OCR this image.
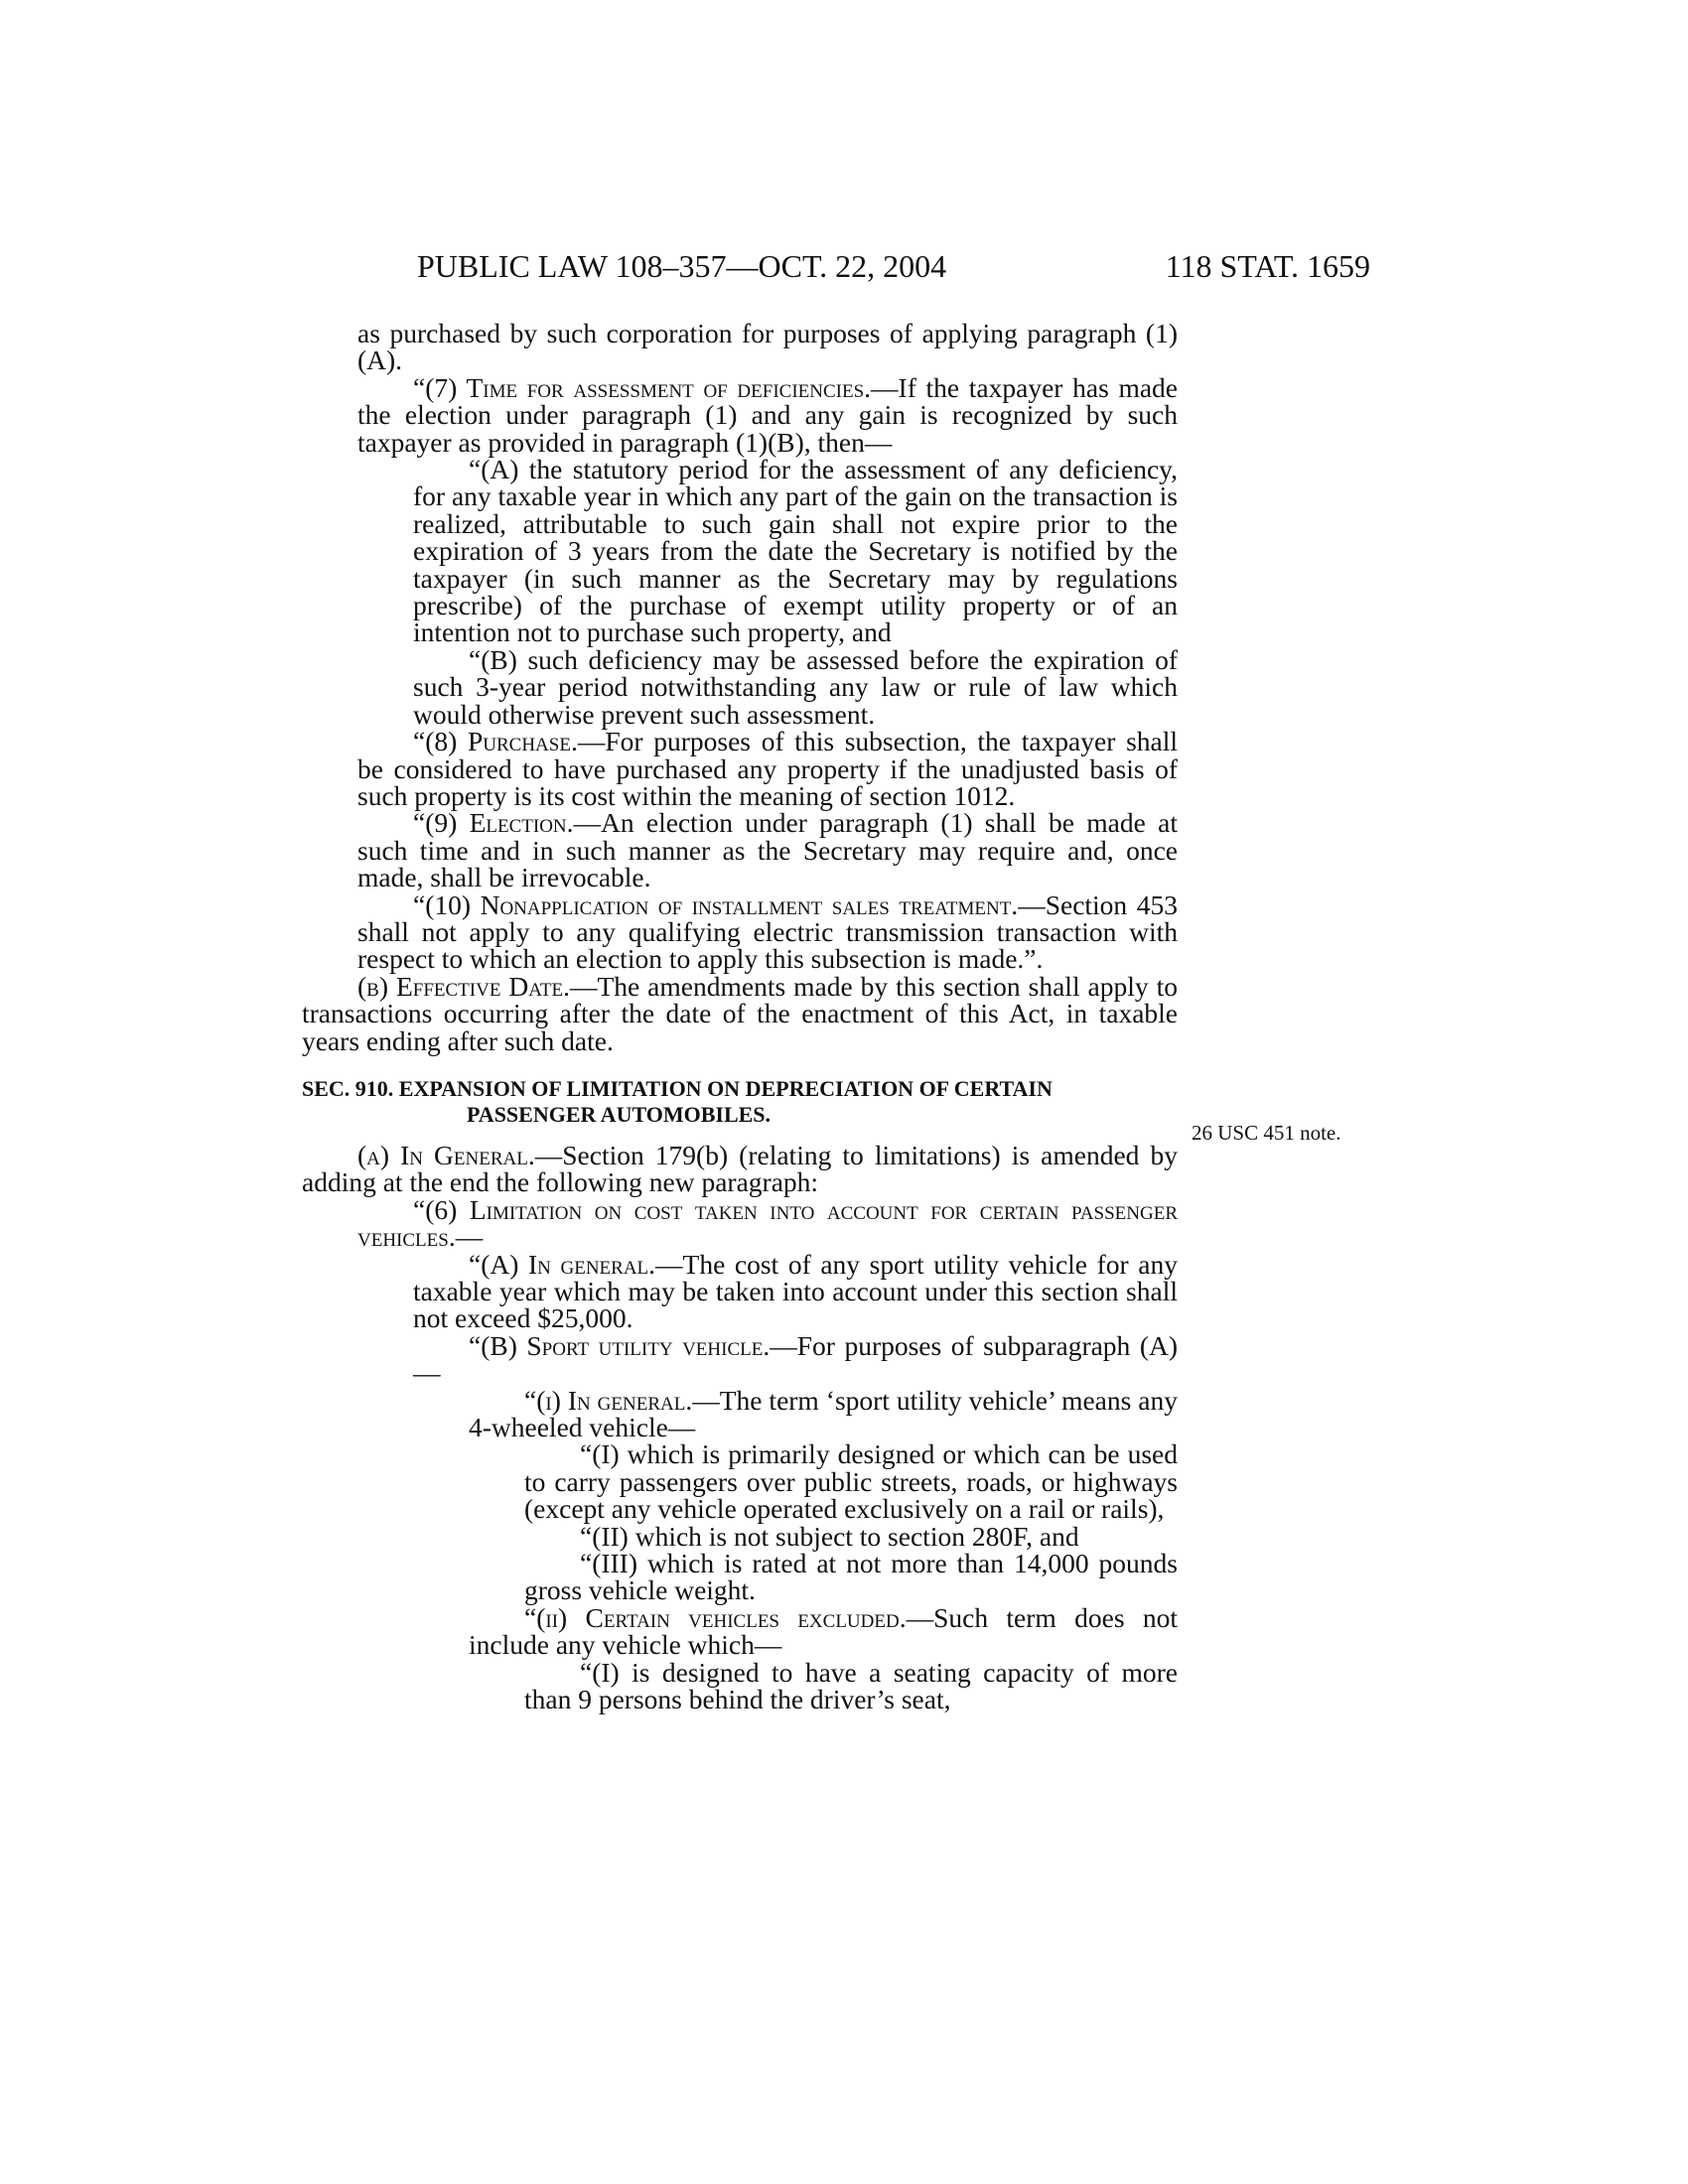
PUBLIC LAW 108–357—OCT. 22, 2004	118 STAT. 1659
26 USC 451 note.

as purchased by such corporation for purposes of applying paragraph (1)(A).

“(7) Time for assessment of deficiencies.—If the taxpayer has made the election under paragraph (1) and any gain is recognized by such taxpayer as provided in paragraph (1)(B), then—

“(A) the statutory period for the assessment of any deficiency, for any taxable year in which any part of the gain on the transaction is realized, attributable to such gain shall not expire prior to the expiration of 3 years from the date the Secretary is notified by the taxpayer (in such manner as the Secretary may by regulations prescribe) of the purchase of exempt utility property or of an intention not to purchase such property, and

“(B) such deficiency may be assessed before the expiration of such 3-year period notwithstanding any law or rule of law which would otherwise prevent such assessment.

“(8) Purchase.—For purposes of this subsection, the taxpayer shall be considered to have purchased any property if the unadjusted basis of such property is its cost within the meaning of section 1012.

“(9) Election.—An election under paragraph (1) shall be made at such time and in such manner as the Secretary may require and, once made, shall be irrevocable.

“(10) Nonapplication of installment sales treatment.—Section 453 shall not apply to any qualifying electric transmission transaction with respect to which an election to apply this subsection is made.”.

(b) Effective Date.—The amendments made by this section shall apply to transactions occurring after the date of the enactment of this Act, in taxable years ending after such date.

SEC. 910. EXPANSION OF LIMITATION ON DEPRECIATION OF CERTAIN
PASSENGER AUTOMOBILES.

(a) In General.—Section 179(b) (relating to limitations) is amended by adding at the end the following new paragraph:

“(6) Limitation on cost taken into account for certain passenger vehicles.—

“(A) In general.—The cost of any sport utility vehicle for any taxable year which may be taken into account under this section shall not exceed $25,000.

“(B) Sport utility vehicle.—For purposes of subparagraph (A)—

“(i) In general.—The term ‘sport utility vehicle’ means any 4-wheeled vehicle—

“(I) which is primarily designed or which can be used to carry passengers over public streets, roads, or highways (except any vehicle operated exclusively on a rail or rails),

“(II) which is not subject to section 280F, and

“(III) which is rated at not more than 14,000 pounds gross vehicle weight.

“(ii) Certain vehicles excluded.—Such term does not include any vehicle which—

“(I) is designed to have a seating capacity of more than 9 persons behind the driver’s seat,
